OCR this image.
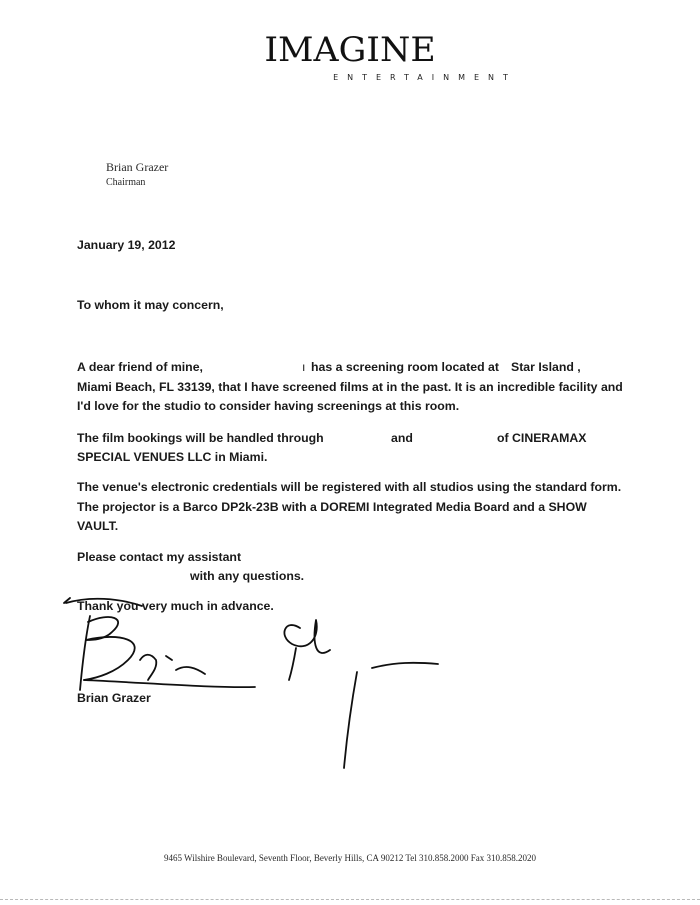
IMAGINE
ENTERTAINMENT
Brian Grazer
Chairman
January 19, 2012
To whom it may concern,
A dear friend of mine,	ı has a screening room located at Star Island ,
Miami Beach, FL 33139, that I have screened films at in the past. It is an incredible facility and
I'd love for the studio to consider having screenings at this room.
The film bookings will be handled through	and	of CINERAMAX
SPECIAL VENUES LLC in Miami.
The venue's electronic credentials will be registered with all studios using the standard form.
The projector is a Barco DP2k-23B with a DOREMI Integrated Media Board and a SHOW
VAULT.
Please contact my assistant
with any questions.
Thank you very much in advance.
Brian Grazer
9465 Wilshire Boulevard, Seventh Floor, Beverly Hills, CA 90212 Tel 310.858.2000 Fax 310.858.2020
